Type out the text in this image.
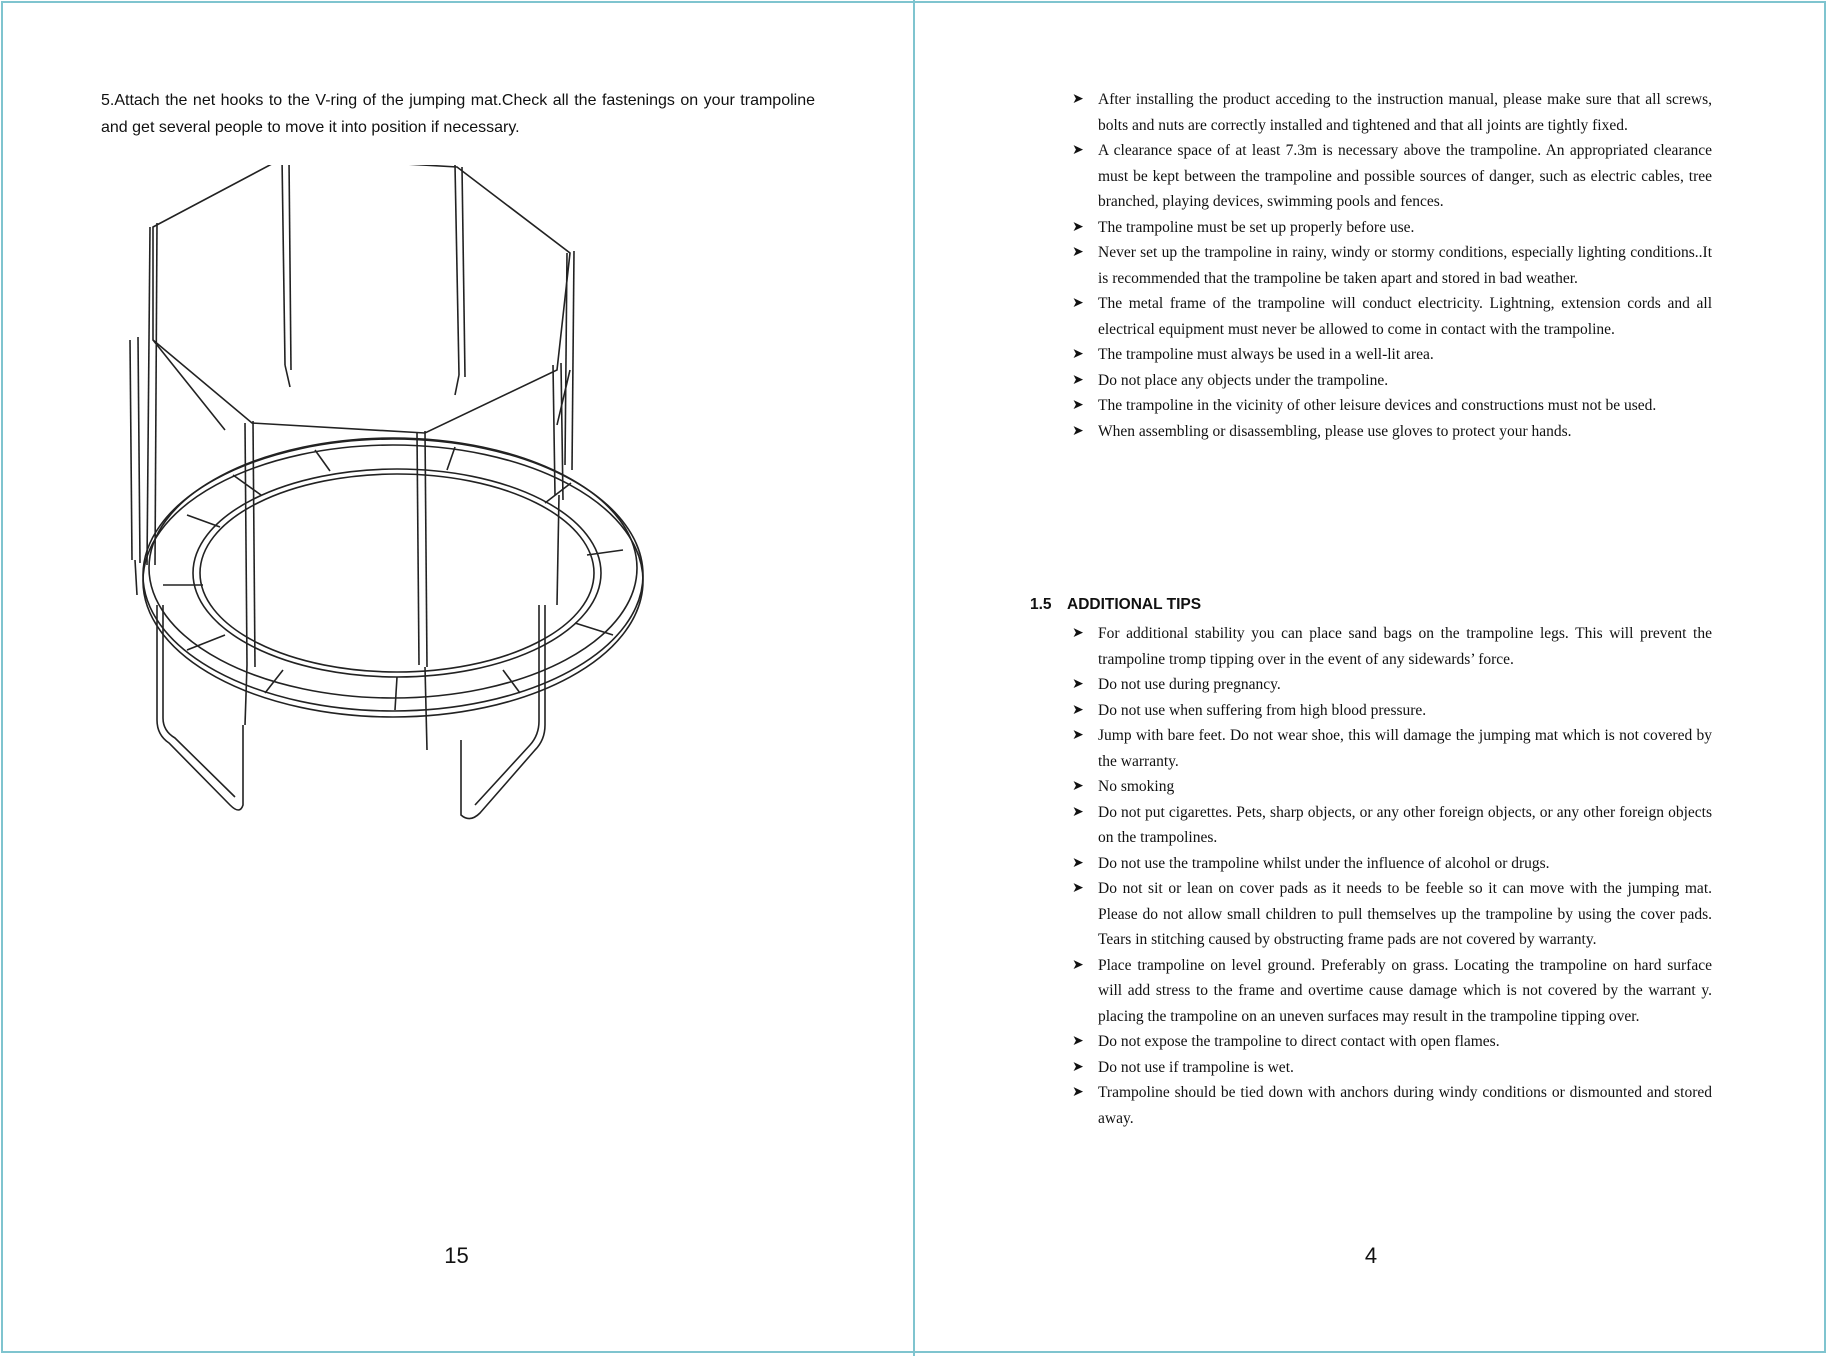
5.Attach the net hooks to the V-ring of the jumping mat.Check all the fastenings on your trampoline and get several people to move it into position if necessary.

15
➤ After installing the product acceding to the instruction manual, please make sure that all screws, bolts and nuts are correctly installed and tightened and that all joints are tightly fixed.
➤ A clearance space of at least 7.3m is necessary above the trampoline. An appropriated clearance must be kept between the trampoline and possible sources of danger, such as electric cables, tree branched, playing devices, swimming pools and fences.
➤ The trampoline must be set up properly before use.
➤ Never set up the trampoline in rainy, windy or stormy conditions, especially lighting conditions..It is recommended that the trampoline be taken apart and stored in bad weather.
➤ The metal frame of the trampoline will conduct electricity. Lightning, extension cords and all electrical equipment must never be allowed to come in contact with the trampoline.
➤ The trampoline must always be used in a well-lit area.
➤ Do not place any objects under the trampoline.
➤ The trampoline in the vicinity of other leisure devices and constructions must not be used.
➤ When assembling or disassembling, please use gloves to protect your hands.
1.5 ADDITIONAL TIPS
➤ For additional stability you can place sand bags on the trampoline legs. This will prevent the trampoline tromp tipping over in the event of any sidewards’ force.
➤ Do not use during pregnancy.
➤ Do not use when suffering from high blood pressure.
➤ Jump with bare feet. Do not wear shoe, this will damage the jumping mat which is not covered by the warranty.
➤ No smoking
➤ Do not put cigarettes. Pets, sharp objects, or any other foreign objects, or any other foreign objects on the trampolines.
➤ Do not use the trampoline whilst under the influence of alcohol or drugs.
➤ Do not sit or lean on cover pads as it needs to be feeble so it can move with the jumping mat. Please do not allow small children to pull themselves up the trampoline by using the cover pads. Tears in stitching caused by obstructing frame pads are not covered by warranty.
➤ Place trampoline on level ground. Preferably on grass. Locating the trampoline on hard surface will add stress to the frame and overtime cause damage which is not covered by the warrant y. placing the trampoline on an uneven surfaces may result in the trampoline tipping over.
➤ Do not expose the trampoline to direct contact with open flames.
➤ Do not use if trampoline is wet.
➤ Trampoline should be tied down with anchors during windy conditions or dismounted and stored away.
4
